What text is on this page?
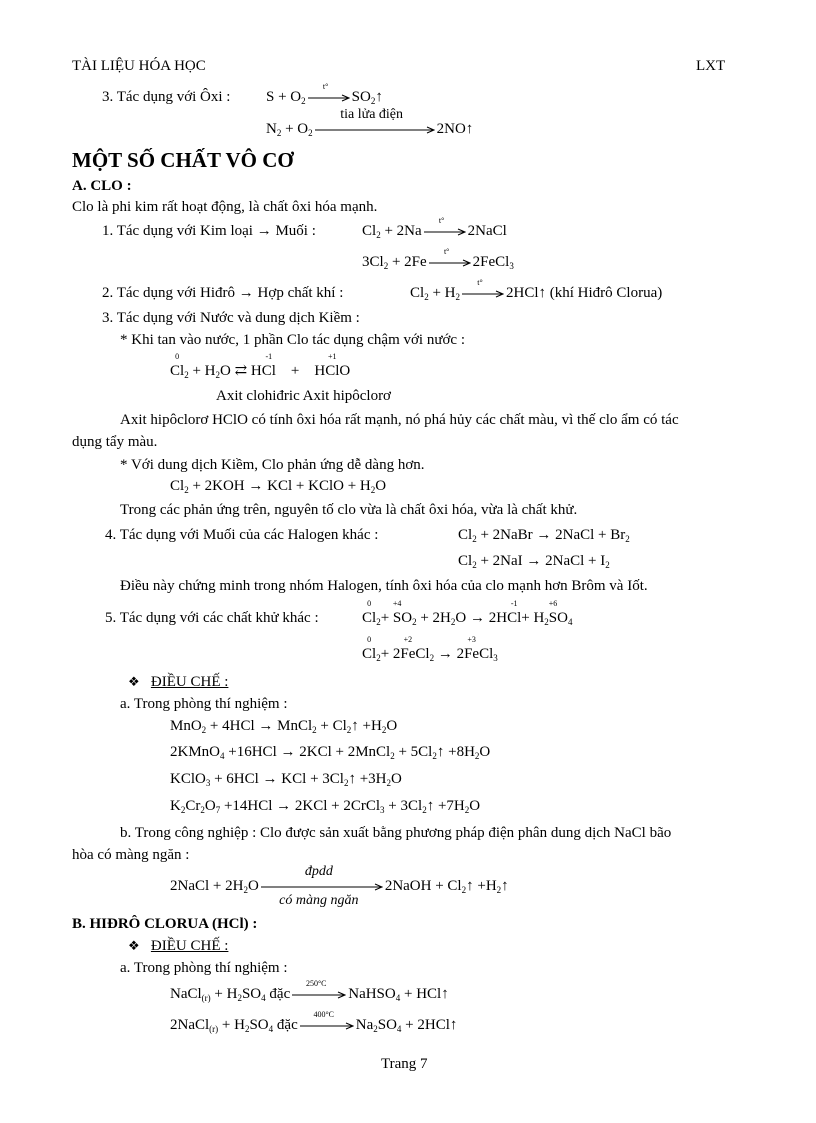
TÀI LIỆU HÓA HỌC	LXT
3. Tác dụng với Ôxi : $S + O_2$
t°
$SO_2↑$
$N_2 + O_2$
tia lửa điện
2NO↑
MỘT SỐ CHẤT VÔ CƠ
A. CLO :
Clo là phi kim rất hoạt động, là chất ôxi hóa mạnh.
1. Tác dụng với Kim loại → Muối :	$Cl_2 + 2Na$
t°
2NaCl
$3Cl_2 + 2Fe$
t°
2FeCl$_3$
2. Tác dụng với Hiđrô → Hợp chất khí :	$Cl_2 + H_2$
t°
2HCl↑ (khí Hiđrô Clorua)
3. Tác dụng với Nước và dung dịch Kiềm :
* Khi tan vào nước, 1 phần Clo tác dụng chậm với nước :
Cl
0
$_2 + H_2O$ ⇄ HCl
-1
+    HCl
+1
O
Axit clohiđric Axit hipôclorơ
Axit hipôclorơ HClO có tính ôxi hóa rất mạnh, nó phá hủy các chất màu, vì thế clo ẩm có tác
dụng tẩy màu.
* Với dung dịch Kiềm, Clo phản ứng dễ dàng hơn.
$Cl_2 + 2KOH$ → KCl + KClO + $H_2O$
Trong các phản ứng trên, nguyên tố clo vừa là chất ôxi hóa, vừa là chất khử.
4. Tác dụng với Muối của các Halogen khác :	$Cl_2$ + 2NaBr → 2NaCl + $Br_2$
$Cl_2 + 2NaI$ → 2NaCl + $I_2$
Điều này chứng minh trong nhóm Halogen, tính ôxi hóa của clo mạnh hơn Brôm và Iốt.
5. Tác dụng với các chất khử khác :	Cl
0
$_2$+ S
+4
$O_2 + 2H_2O \to 2HCl$
-1
+ $H_2S$
+6
$O_4$
Cl
0
$_2$+ 2Fe
+2
$Cl_2 \to 2Fe$
+3
$Cl_3$
❖ ĐIỀU CHẾ :
a. Trong phòng thí nghiệm :
MnO$_2$ + 4HCl → MnCl$_2$ + $Cl_2↑ +H_2O$
2KMnO$_4$ +16HCl → 2KCl + 2MnCl$_2$ + $5Cl_2↑ +8H_2O$
KClO$_3$ + 6HCl → KCl + $3Cl_2↑ +3H_2O$
$K_2Cr_2O_7 +14HCl \to 2KCl$ + 2CrCl$_3$ + $3Cl_2↑ +7H_2O$
b. Trong công nghiệp : Clo được sản xuất bằng phương pháp điện phân dung dịch NaCl bão
hòa có màng ngăn :
2NaCl + $2H_2O$
đpdd
có màng ngăn
2NaOH + $Cl_2↑$ $+H_2↑$
B. HIĐRÔ CLORUA (HCl) :
❖ ĐIỀU CHẾ :
a. Trong phòng thí nghiệm :
NaCl$_{(r)}$ + $H_2SO_4$ đặc
250°C
NaHSO$_4$ + HCl↑
2NaCl$_{(r)}$ + $H_2SO_4$ đặc
400°C
$Na_2SO_4$ + 2HCl↑
Trang 7
